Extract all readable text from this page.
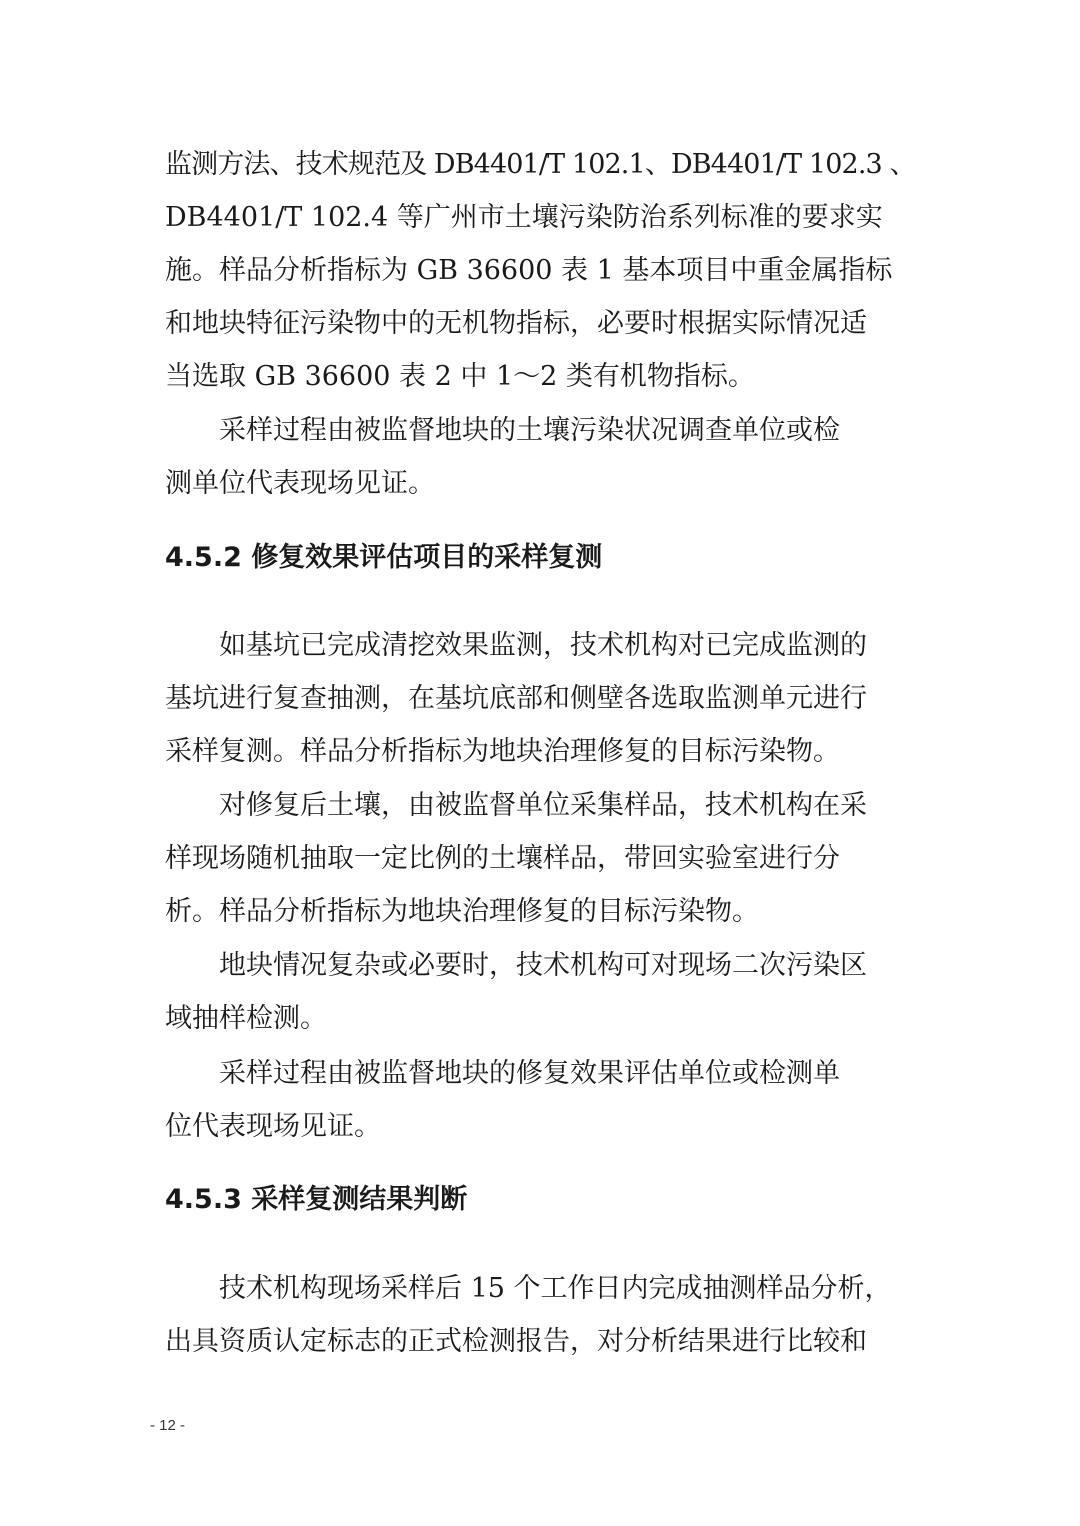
监测方法、技术规范及 DB4401/T 102.1、DB4401/T 102.3 、

DB4401/T 102.4 等广州市土壤污染防治系列标准的要求实

施。样品分析指标为 GB 36600 表 1 基本项目中重金属指标

和地块特征污染物中的无机物指标，必要时根据实际情况适

当选取 GB 36600 表 2 中 1～2 类有机物指标。

　　采样过程由被监督地块的土壤污染状况调查单位或检

测单位代表现场见证。

4.5.2 修复效果评估项目的采样复测

　　如基坑已完成清挖效果监测，技术机构对已完成监测的

基坑进行复查抽测，在基坑底部和侧壁各选取监测单元进行

采样复测。样品分析指标为地块治理修复的目标污染物。

　　对修复后土壤，由被监督单位采集样品，技术机构在采

样现场随机抽取一定比例的土壤样品，带回实验室进行分

析。样品分析指标为地块治理修复的目标污染物。

　　地块情况复杂或必要时，技术机构可对现场二次污染区

域抽样检测。

　　采样过程由被监督地块的修复效果评估单位或检测单

位代表现场见证。

4.5.3 采样复测结果判断

　　技术机构现场采样后 15 个工作日内完成抽测样品分析，

出具资质认定标志的正式检测报告，对分析结果进行比较和

- 12 -
